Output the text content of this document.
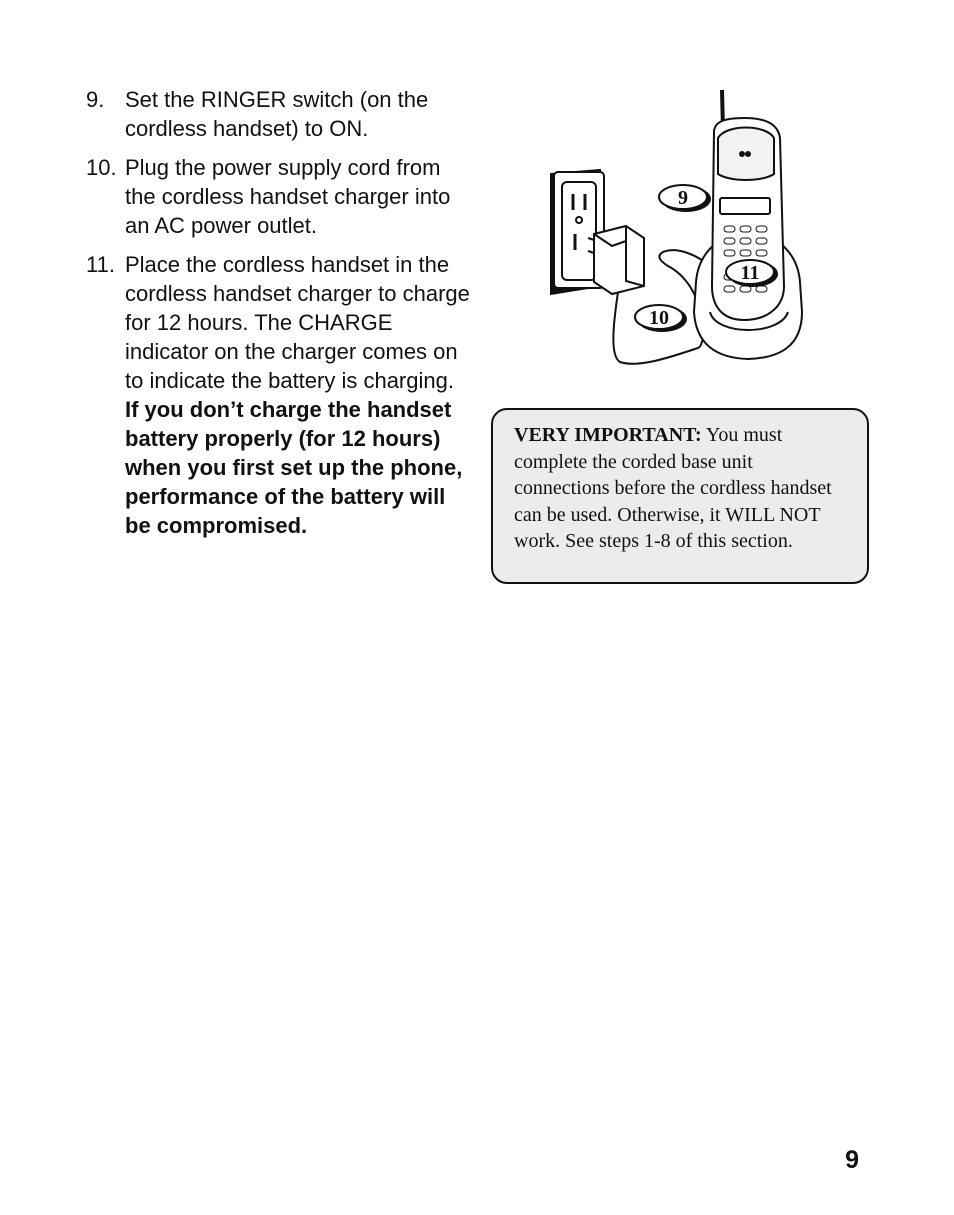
9. Set the RINGER switch (on the cordless handset) to ON.
10. Plug the power supply cord from the cordless handset charger into an AC power outlet.
11. Place the cordless handset in the cordless handset charger to charge for 12 hours. The CHARGE indicator on the charger comes on to indicate the battery is charging. If you don’t charge the handset battery properly (for 12 hours) when you first set up the phone, performance of the battery will be compromised.
9
11
10
VERY IMPORTANT: You must complete the corded base unit connections before the cordless handset can be used. Otherwise, it WILL NOT work. See steps 1-8 of this section.
9
